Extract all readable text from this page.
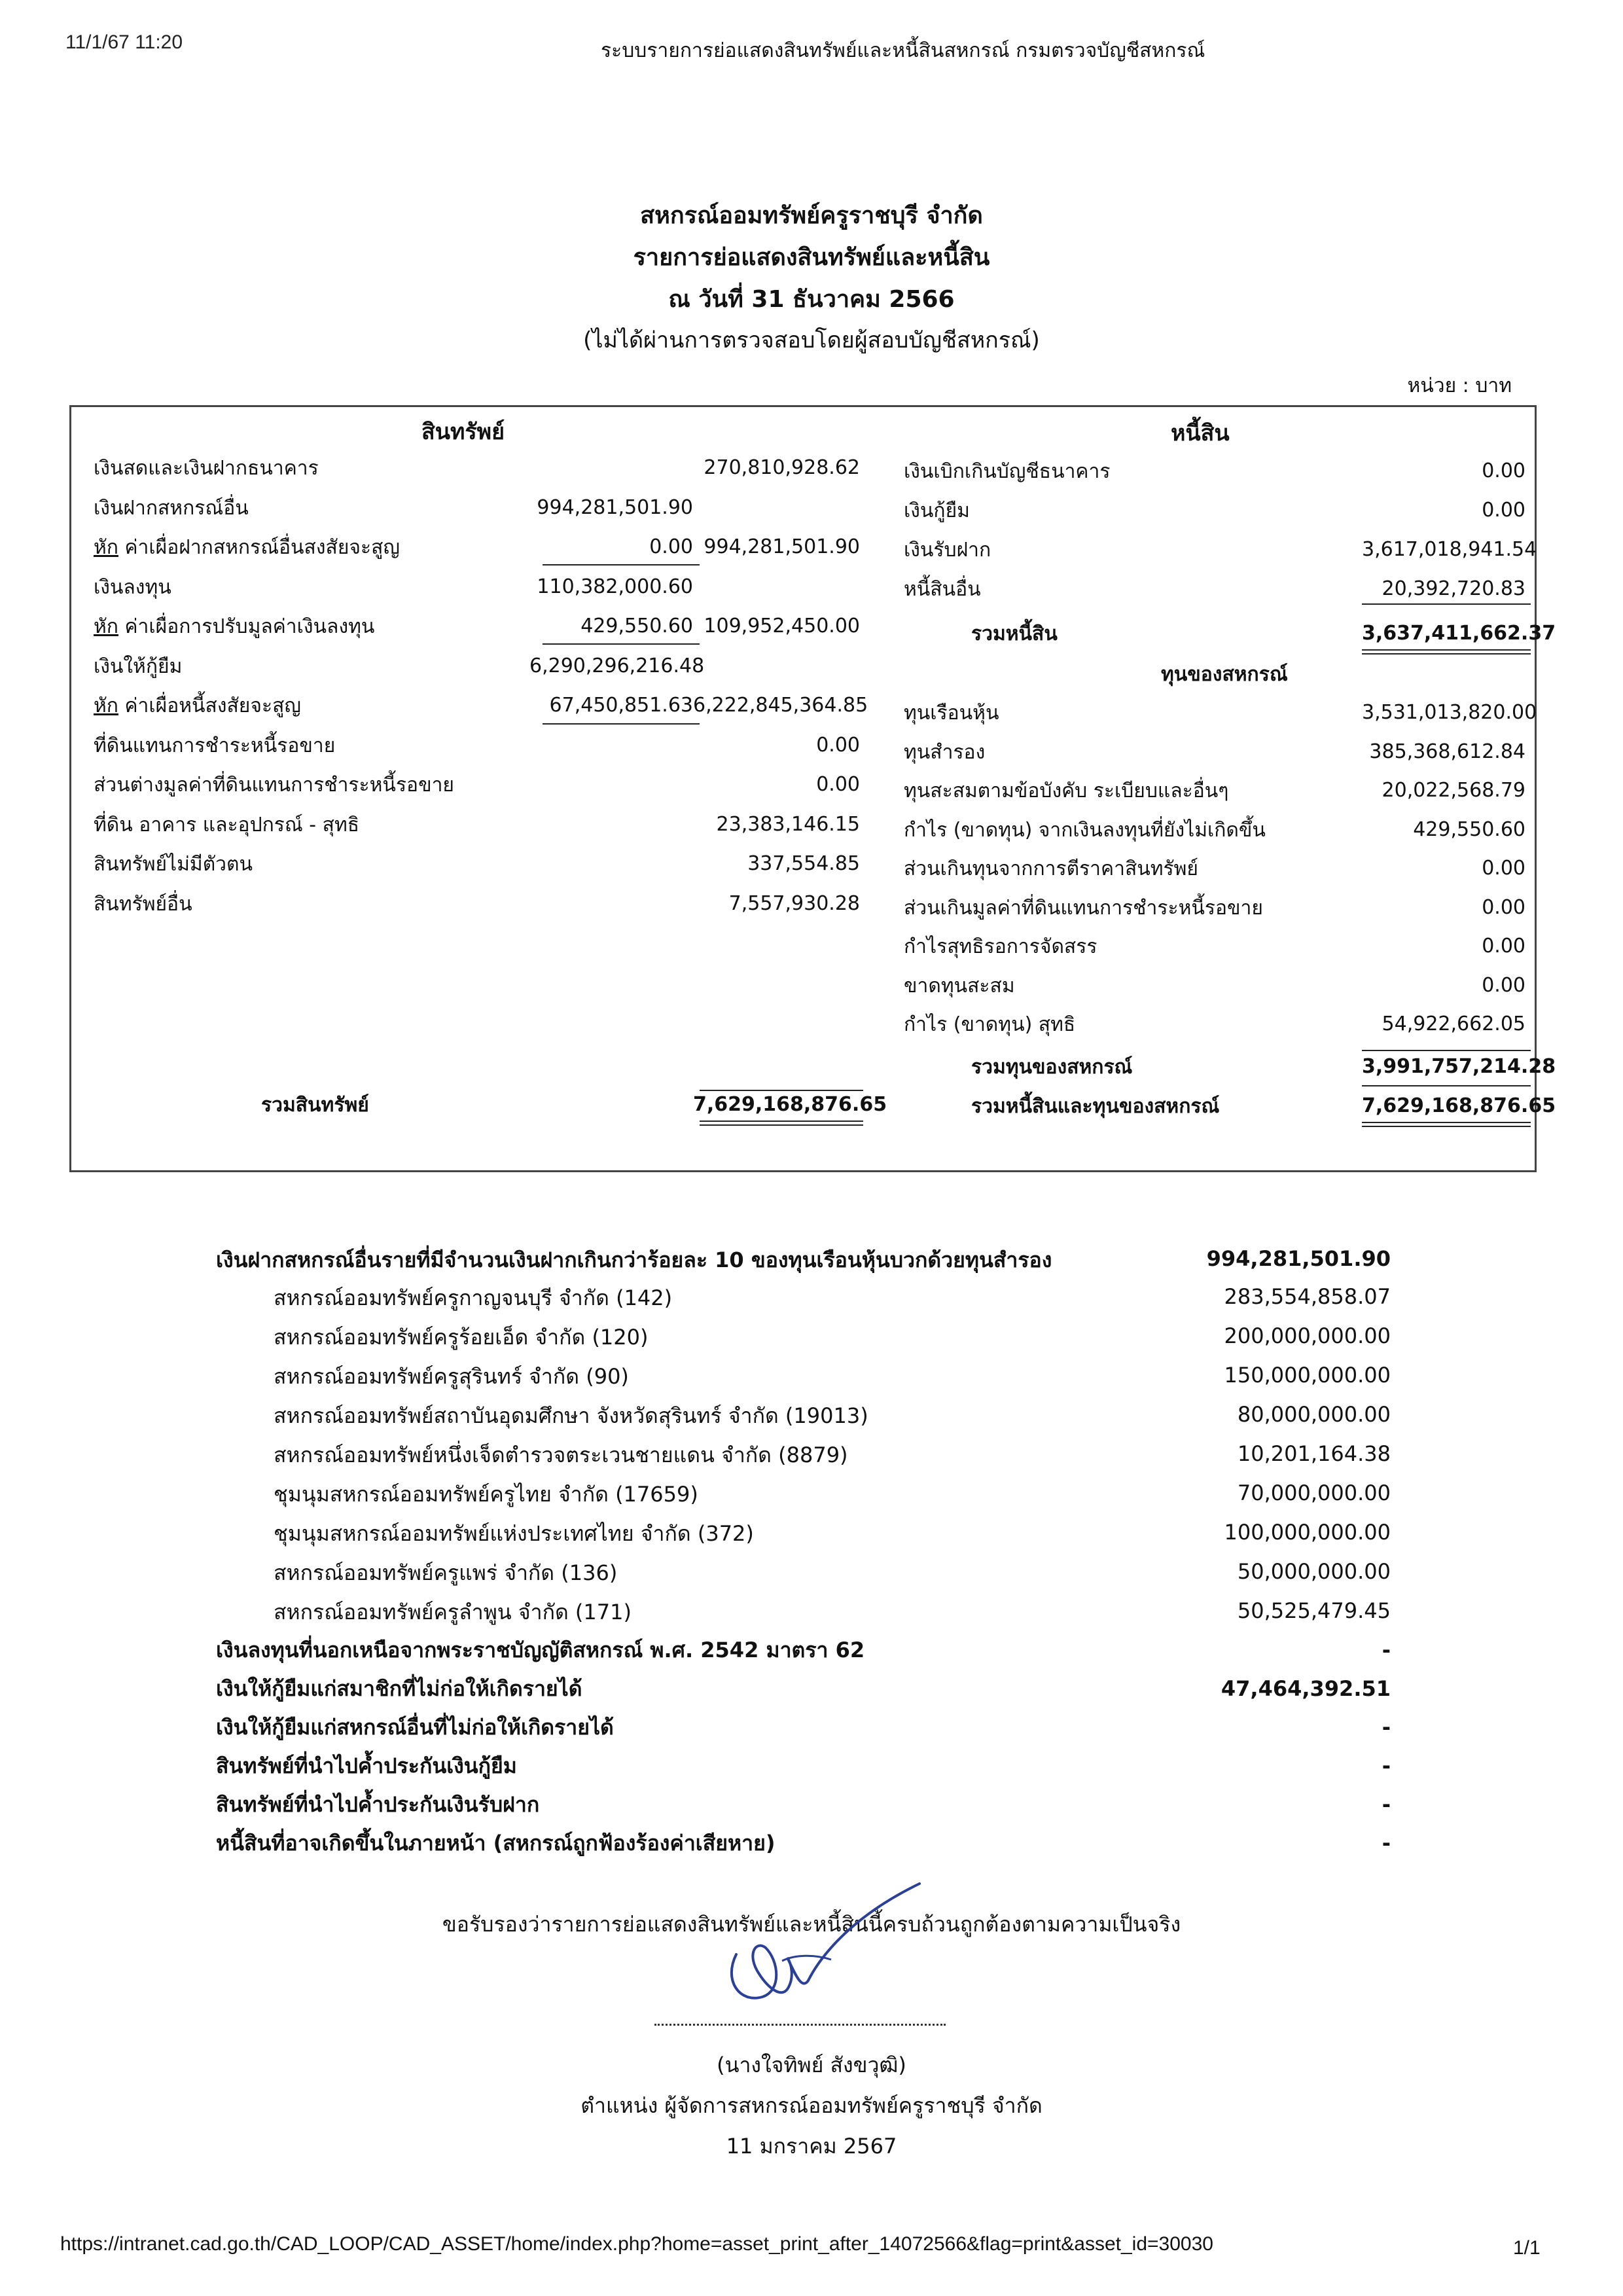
11/1/67 11:20	ระบบรายการย่อแสดงสินทรัพย์และหนี้สินสหกรณ์ กรมตรวจบัญชีสหกรณ์
สหกรณ์ออมทรัพย์ครูราชบุรี จำกัด
รายการย่อแสดงสินทรัพย์และหนี้สิน
ณ วันที่ 31 ธันวาคม 2566
(ไม่ได้ผ่านการตรวจสอบโดยผู้สอบบัญชีสหกรณ์)
หน่วย : บาท
สินทรัพย์
เงินสดและเงินฝากธนาคาร	270,810,928.62
เงินฝากสหกรณ์อื่น	994,281,501.90
หัก ค่าเผื่อฝากสหกรณ์อื่นสงสัยจะสูญ	0.00 994,281,501.90
เงินลงทุน	110,382,000.60
หัก ค่าเผื่อการปรับมูลค่าเงินลงทุน	429,550.60 109,952,450.00
เงินให้กู้ยืม	6,290,296,216.48
หัก ค่าเผื่อหนี้สงสัยจะสูญ	67,450,851.63 6,222,845,364.85
ที่ดินแทนการชำระหนี้รอขาย	0.00
ส่วนต่างมูลค่าที่ดินแทนการชำระหนี้รอขาย	0.00
ที่ดิน อาคาร และอุปกรณ์ - สุทธิ	23,383,146.15
สินทรัพย์ไม่มีตัวตน	337,554.85
สินทรัพย์อื่น	7,557,930.28
รวมสินทรัพย์	7,629,168,876.65
หนี้สิน
เงินเบิกเกินบัญชีธนาคาร	0.00
เงินกู้ยืม	0.00
เงินรับฝาก	3,617,018,941.54
หนี้สินอื่น	20,392,720.83
รวมหนี้สิน	3,637,411,662.37
ทุนของสหกรณ์
ทุนเรือนหุ้น	3,531,013,820.00
ทุนสำรอง	385,368,612.84
ทุนสะสมตามข้อบังคับ ระเบียบและอื่นๆ	20,022,568.79
กำไร (ขาดทุน) จากเงินลงทุนที่ยังไม่เกิดขึ้น	429,550.60
ส่วนเกินทุนจากการตีราคาสินทรัพย์	0.00
ส่วนเกินมูลค่าที่ดินแทนการชำระหนี้รอขาย	0.00
กำไรสุทธิรอการจัดสรร	0.00
ขาดทุนสะสม	0.00
กำไร (ขาดทุน) สุทธิ	54,922,662.05
รวมทุนของสหกรณ์	3,991,757,214.28
รวมหนี้สินและทุนของสหกรณ์	7,629,168,876.65
เงินฝากสหกรณ์อื่นรายที่มีจำนวนเงินฝากเกินกว่าร้อยละ 10 ของทุนเรือนหุ้นบวกด้วยทุนสำรอง	994,281,501.90
สหกรณ์ออมทรัพย์ครูกาญจนบุรี จำกัด (142)	283,554,858.07
สหกรณ์ออมทรัพย์ครูร้อยเอ็ด จำกัด (120)	200,000,000.00
สหกรณ์ออมทรัพย์ครูสุรินทร์ จำกัด (90)	150,000,000.00
สหกรณ์ออมทรัพย์สถาบันอุดมศึกษา จังหวัดสุรินทร์ จำกัด (19013)	80,000,000.00
สหกรณ์ออมทรัพย์หนึ่งเจ็ดตำรวจตระเวนชายแดน จำกัด (8879)	10,201,164.38
ชุมนุมสหกรณ์ออมทรัพย์ครูไทย จำกัด (17659)	70,000,000.00
ชุมนุมสหกรณ์ออมทรัพย์แห่งประเทศไทย จำกัด (372)	100,000,000.00
สหกรณ์ออมทรัพย์ครูแพร่ จำกัด (136)	50,000,000.00
สหกรณ์ออมทรัพย์ครูลำพูน จำกัด (171)	50,525,479.45
เงินลงทุนที่นอกเหนือจากพระราชบัญญัติสหกรณ์ พ.ศ. 2542 มาตรา 62	-
เงินให้กู้ยืมแก่สมาชิกที่ไม่ก่อให้เกิดรายได้	47,464,392.51
เงินให้กู้ยืมแก่สหกรณ์อื่นที่ไม่ก่อให้เกิดรายได้	-
สินทรัพย์ที่นำไปค้ำประกันเงินกู้ยืม	-
สินทรัพย์ที่นำไปค้ำประกันเงินรับฝาก	-
หนี้สินที่อาจเกิดขึ้นในภายหน้า (สหกรณ์ถูกฟ้องร้องค่าเสียหาย)	-
ขอรับรองว่ารายการย่อแสดงสินทรัพย์และหนี้สินนี้ครบถ้วนถูกต้องตามความเป็นจริง
(นางใจทิพย์ สังขวุฒิ)
ตำแหน่ง ผู้จัดการสหกรณ์ออมทรัพย์ครูราชบุรี จำกัด
11 มกราคม 2567
https://intranet.cad.go.th/CAD_LOOP/CAD_ASSET/home/index.php?home=asset_print_after_14072566&flag=print&asset_id=30030	1/1
